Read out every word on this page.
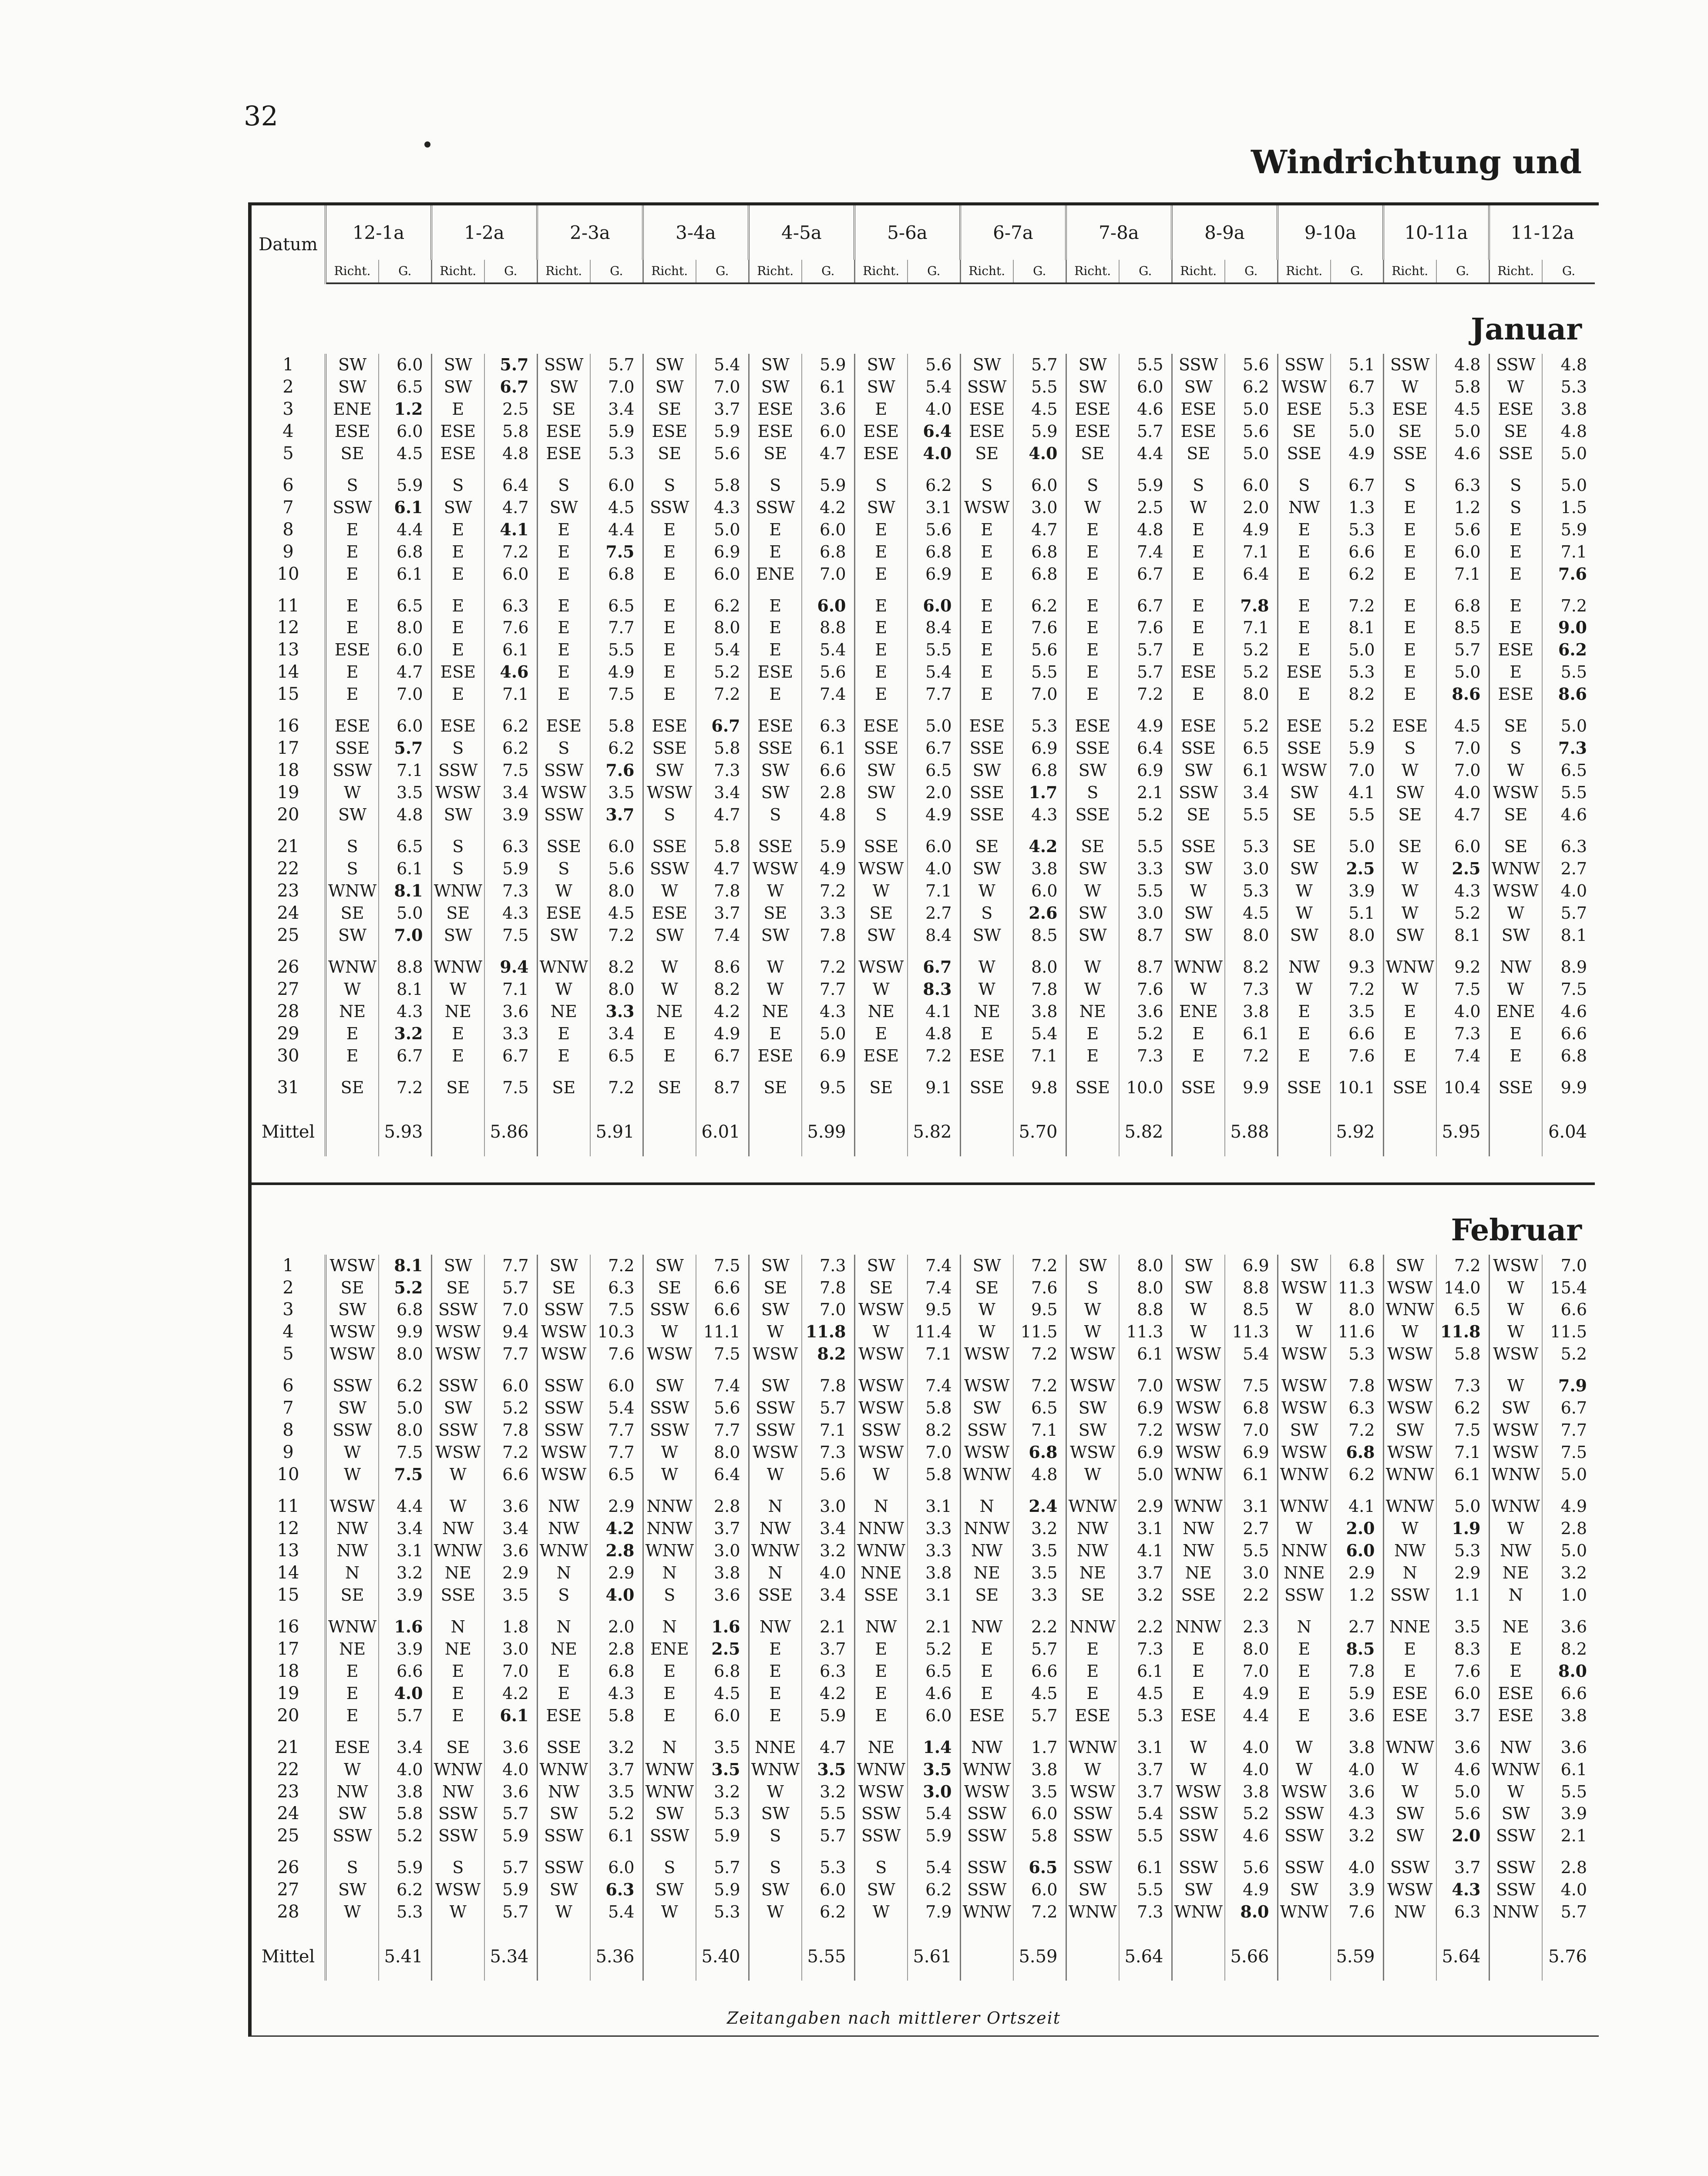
32
Windrichtung und
Datum	12-1a		1-2a		2-3a		3-4a		4-5a		5-6a		6-7a		7-8a		8-9a		9-10a		10-11a		11-12a	
	Richt.	G.	Richt.	G.	Richt.	G.	Richt.	G.	Richt.	G.	Richt.	G.	Richt.	G.	Richt.	G.	Richt.	G.	Richt.	G.	Richt.	G.	Richt.	G.
Januar																								

1	SW	6.0	SW	5.7	SSW	5.7	SW	5.4	SW	5.9	SW	5.6	SW	5.7	SW	5.5	SSW	5.6	SSW	5.1	SSW	4.8	SSW	4.8
2	SW	6.5	SW	6.7	SW	7.0	SW	7.0	SW	6.1	SW	5.4	SSW	5.5	SW	6.0	SW	6.2	WSW	6.7	W	5.8	W	5.3
3	ENE	1.2	E	2.5	SE	3.4	SE	3.7	ESE	3.6	E	4.0	ESE	4.5	ESE	4.6	ESE	5.0	ESE	5.3	ESE	4.5	ESE	3.8
4	ESE	6.0	ESE	5.8	ESE	5.9	ESE	5.9	ESE	6.0	ESE	6.4	ESE	5.9	ESE	5.7	ESE	5.6	SE	5.0	SE	5.0	SE	4.8
5	SE	4.5	ESE	4.8	ESE	5.3	SE	5.6	SE	4.7	ESE	4.0	SE	4.0	SE	4.4	SE	5.0	SSE	4.9	SSE	4.6	SSE	5.0
6	S	5.9	S	6.4	S	6.0	S	5.8	S	5.9	S	6.2	S	6.0	S	5.9	S	6.0	S	6.7	S	6.3	S	5.0
7	SSW	6.1	SW	4.7	SW	4.5	SSW	4.3	SSW	4.2	SW	3.1	WSW	3.0	W	2.5	W	2.0	NW	1.3	E	1.2	S	1.5
8	E	4.4	E	4.1	E	4.4	E	5.0	E	6.0	E	5.6	E	4.7	E	4.8	E	4.9	E	5.3	E	5.6	E	5.9
9	E	6.8	E	7.2	E	7.5	E	6.9	E	6.8	E	6.8	E	6.8	E	7.4	E	7.1	E	6.6	E	6.0	E	7.1
10	E	6.1	E	6.0	E	6.8	E	6.0	ENE	7.0	E	6.9	E	6.8	E	6.7	E	6.4	E	6.2	E	7.1	E	7.6
11	E	6.5	E	6.3	E	6.5	E	6.2	E	6.0	E	6.0	E	6.2	E	6.7	E	7.8	E	7.2	E	6.8	E	7.2
12	E	8.0	E	7.6	E	7.7	E	8.0	E	8.8	E	8.4	E	7.6	E	7.6	E	7.1	E	8.1	E	8.5	E	9.0
13	ESE	6.0	E	6.1	E	5.5	E	5.4	E	5.4	E	5.5	E	5.6	E	5.7	E	5.2	E	5.0	E	5.7	ESE	6.2
14	E	4.7	ESE	4.6	E	4.9	E	5.2	ESE	5.6	E	5.4	E	5.5	E	5.7	ESE	5.2	ESE	5.3	E	5.0	E	5.5
15	E	7.0	E	7.1	E	7.5	E	7.2	E	7.4	E	7.7	E	7.0	E	7.2	E	8.0	E	8.2	E	8.6	ESE	8.6
16	ESE	6.0	ESE	6.2	ESE	5.8	ESE	6.7	ESE	6.3	ESE	5.0	ESE	5.3	ESE	4.9	ESE	5.2	ESE	5.2	ESE	4.5	SE	5.0
17	SSE	5.7	S	6.2	S	6.2	SSE	5.8	SSE	6.1	SSE	6.7	SSE	6.9	SSE	6.4	SSE	6.5	SSE	5.9	S	7.0	S	7.3
18	SSW	7.1	SSW	7.5	SSW	7.6	SW	7.3	SW	6.6	SW	6.5	SW	6.8	SW	6.9	SW	6.1	WSW	7.0	W	7.0	W	6.5
19	W	3.5	WSW	3.4	WSW	3.5	WSW	3.4	SW	2.8	SW	2.0	SSE	1.7	S	2.1	SSW	3.4	SW	4.1	SW	4.0	WSW	5.5
20	SW	4.8	SW	3.9	SSW	3.7	S	4.7	S	4.8	S	4.9	SSE	4.3	SSE	5.2	SE	5.5	SE	5.5	SE	4.7	SE	4.6
21	S	6.5	S	6.3	SSE	6.0	SSE	5.8	SSE	5.9	SSE	6.0	SE	4.2	SE	5.5	SSE	5.3	SE	5.0	SE	6.0	SE	6.3
22	S	6.1	S	5.9	S	5.6	SSW	4.7	WSW	4.9	WSW	4.0	SW	3.8	SW	3.3	SW	3.0	SW	2.5	W	2.5	WNW	2.7
23	WNW	8.1	WNW	7.3	W	8.0	W	7.8	W	7.2	W	7.1	W	6.0	W	5.5	W	5.3	W	3.9	W	4.3	WSW	4.0
24	SE	5.0	SE	4.3	ESE	4.5	ESE	3.7	SE	3.3	SE	2.7	S	2.6	SW	3.0	SW	4.5	W	5.1	W	5.2	W	5.7
25	SW	7.0	SW	7.5	SW	7.2	SW	7.4	SW	7.8	SW	8.4	SW	8.5	SW	8.7	SW	8.0	SW	8.0	SW	8.1	SW	8.1
26	WNW	8.8	WNW	9.4	WNW	8.2	W	8.6	W	7.2	WSW	6.7	W	8.0	W	8.7	WNW	8.2	NW	9.3	WNW	9.2	NW	8.9
27	W	8.1	W	7.1	W	8.0	W	8.2	W	7.7	W	8.3	W	7.8	W	7.6	W	7.3	W	7.2	W	7.5	W	7.5
28	NE	4.3	NE	3.6	NE	3.3	NE	4.2	NE	4.3	NE	4.1	NE	3.8	NE	3.6	ENE	3.8	E	3.5	E	4.0	ENE	4.6
29	E	3.2	E	3.3	E	3.4	E	4.9	E	5.0	E	4.8	E	5.4	E	5.2	E	6.1	E	6.6	E	7.3	E	6.6
30	E	6.7	E	6.7	E	6.5	E	6.7	ESE	6.9	ESE	7.2	ESE	7.1	E	7.3	E	7.2	E	7.6	E	7.4	E	6.8
31	SE	7.2	SE	7.5	SE	7.2	SE	8.7	SE	9.5	SE	9.1	SSE	9.8	SSE	10.0	SSE	9.9	SSE	10.1	SSE	10.4	SSE	9.9
Mittel		5.93		5.86		5.91		6.01		5.99		5.82		5.70		5.82		5.88		5.92		5.95		6.04

Februar																								

1	WSW	8.1	SW	7.7	SW	7.2	SW	7.5	SW	7.3	SW	7.4	SW	7.2	SW	8.0	SW	6.9	SW	6.8	SW	7.2	WSW	7.0
2	SE	5.2	SE	5.7	SE	6.3	SE	6.6	SE	7.8	SE	7.4	SE	7.6	S	8.0	SW	8.8	WSW	11.3	WSW	14.0	W	15.4
3	SW	6.8	SSW	7.0	SSW	7.5	SSW	6.6	SW	7.0	WSW	9.5	W	9.5	W	8.8	W	8.5	W	8.0	WNW	6.5	W	6.6
4	WSW	9.9	WSW	9.4	WSW	10.3	W	11.1	W	11.8	W	11.4	W	11.5	W	11.3	W	11.3	W	11.6	W	11.8	W	11.5
5	WSW	8.0	WSW	7.7	WSW	7.6	WSW	7.5	WSW	8.2	WSW	7.1	WSW	7.2	WSW	6.1	WSW	5.4	WSW	5.3	WSW	5.8	WSW	5.2
6	SSW	6.2	SSW	6.0	SSW	6.0	SW	7.4	SW	7.8	WSW	7.4	WSW	7.2	WSW	7.0	WSW	7.5	WSW	7.8	WSW	7.3	W	7.9
7	SW	5.0	SW	5.2	SSW	5.4	SSW	5.6	SSW	5.7	WSW	5.8	SW	6.5	SW	6.9	WSW	6.8	WSW	6.3	WSW	6.2	SW	6.7
8	SSW	8.0	SSW	7.8	SSW	7.7	SSW	7.7	SSW	7.1	SSW	8.2	SSW	7.1	SW	7.2	WSW	7.0	SW	7.2	SW	7.5	WSW	7.7
9	W	7.5	WSW	7.2	WSW	7.7	W	8.0	WSW	7.3	WSW	7.0	WSW	6.8	WSW	6.9	WSW	6.9	WSW	6.8	WSW	7.1	WSW	7.5
10	W	7.5	W	6.6	WSW	6.5	W	6.4	W	5.6	W	5.8	WNW	4.8	W	5.0	WNW	6.1	WNW	6.2	WNW	6.1	WNW	5.0
11	WSW	4.4	W	3.6	NW	2.9	NNW	2.8	N	3.0	N	3.1	N	2.4	WNW	2.9	WNW	3.1	WNW	4.1	WNW	5.0	WNW	4.9
12	NW	3.4	NW	3.4	NW	4.2	NNW	3.7	NW	3.4	NNW	3.3	NNW	3.2	NW	3.1	NW	2.7	W	2.0	W	1.9	W	2.8
13	NW	3.1	WNW	3.6	WNW	2.8	WNW	3.0	WNW	3.2	WNW	3.3	NW	3.5	NW	4.1	NW	5.5	NNW	6.0	NW	5.3	NW	5.0
14	N	3.2	NE	2.9	N	2.9	N	3.8	N	4.0	NNE	3.8	NE	3.5	NE	3.7	NE	3.0	NNE	2.9	N	2.9	NE	3.2
15	SE	3.9	SSE	3.5	S	4.0	S	3.6	SSE	3.4	SSE	3.1	SE	3.3	SE	3.2	SSE	2.2	SSW	1.2	SSW	1.1	N	1.0
16	WNW	1.6	N	1.8	N	2.0	N	1.6	NW	2.1	NW	2.1	NW	2.2	NNW	2.2	NNW	2.3	N	2.7	NNE	3.5	NE	3.6
17	NE	3.9	NE	3.0	NE	2.8	ENE	2.5	E	3.7	E	5.2	E	5.7	E	7.3	E	8.0	E	8.5	E	8.3	E	8.2
18	E	6.6	E	7.0	E	6.8	E	6.8	E	6.3	E	6.5	E	6.6	E	6.1	E	7.0	E	7.8	E	7.6	E	8.0
19	E	4.0	E	4.2	E	4.3	E	4.5	E	4.2	E	4.6	E	4.5	E	4.5	E	4.9	E	5.9	ESE	6.0	ESE	6.6
20	E	5.7	E	6.1	ESE	5.8	E	6.0	E	5.9	E	6.0	ESE	5.7	ESE	5.3	ESE	4.4	E	3.6	ESE	3.7	ESE	3.8
21	ESE	3.4	SE	3.6	SSE	3.2	N	3.5	NNE	4.7	NE	1.4	NW	1.7	WNW	3.1	W	4.0	W	3.8	WNW	3.6	NW	3.6
22	W	4.0	WNW	4.0	WNW	3.7	WNW	3.5	WNW	3.5	WNW	3.5	WNW	3.8	W	3.7	W	4.0	W	4.0	W	4.6	WNW	6.1
23	NW	3.8	NW	3.6	NW	3.5	WNW	3.2	W	3.2	WSW	3.0	WSW	3.5	WSW	3.7	WSW	3.8	WSW	3.6	W	5.0	W	5.5
24	SW	5.8	SSW	5.7	SW	5.2	SW	5.3	SW	5.5	SSW	5.4	SSW	6.0	SSW	5.4	SSW	5.2	SSW	4.3	SW	5.6	SW	3.9
25	SSW	5.2	SSW	5.9	SSW	6.1	SSW	5.9	S	5.7	SSW	5.9	SSW	5.8	SSW	5.5	SSW	4.6	SSW	3.2	SW	2.0	SSW	2.1
26	S	5.9	S	5.7	SSW	6.0	S	5.7	S	5.3	S	5.4	SSW	6.5	SSW	6.1	SSW	5.6	SSW	4.0	SSW	3.7	SSW	2.8
27	SW	6.2	WSW	5.9	SW	6.3	SW	5.9	SW	6.0	SW	6.2	SSW	6.0	SW	5.5	SW	4.9	SW	3.9	WSW	4.3	SSW	4.0
28	W	5.3	W	5.7	W	5.4	W	5.3	W	6.2	W	7.9	WNW	7.2	WNW	7.3	WNW	8.0	WNW	7.6	NW	6.3	NNW	5.7
Mittel		5.41		5.34		5.36		5.40		5.55		5.61		5.59		5.64		5.66		5.59		5.64		5.76

Zeitangaben nach mittlerer Ortszeit
